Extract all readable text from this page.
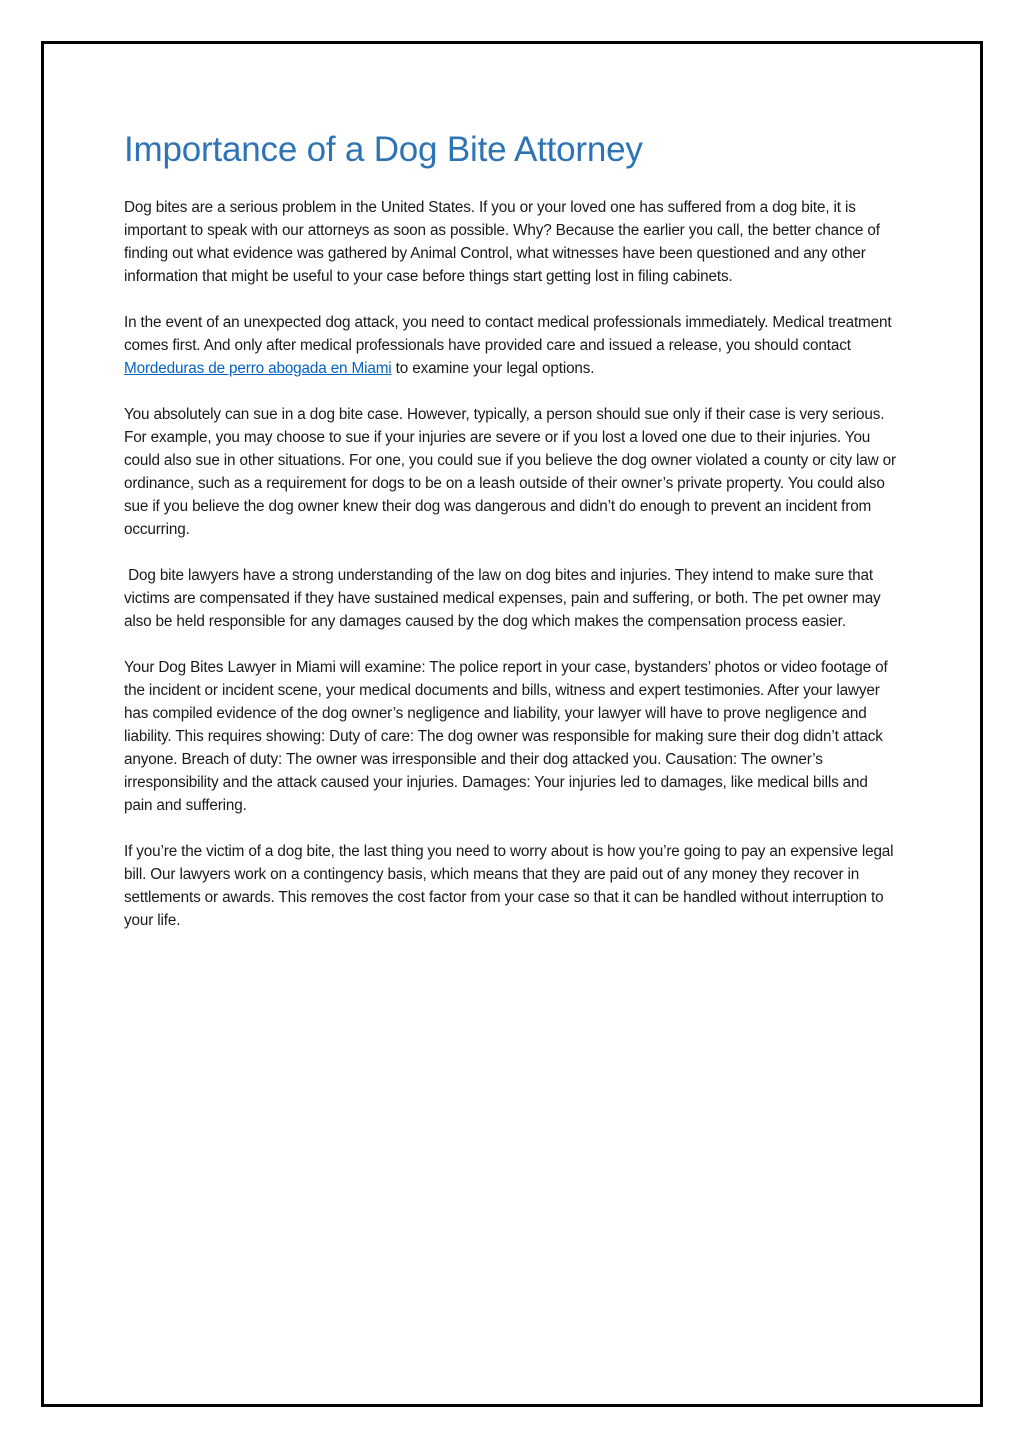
Importance of a Dog Bite Attorney

Dog bites are a serious problem in the United States. If you or your loved one has suffered from a dog bite, it is important to speak with our attorneys as soon as possible. Why? Because the earlier you call, the better chance of finding out what evidence was gathered by Animal Control, what witnesses have been questioned and any other information that might be useful to your case before things start getting lost in filing cabinets.

In the event of an unexpected dog attack, you need to contact medical professionals immediately. Medical treatment comes first. And only after medical professionals have provided care and issued a release, you should contact Mordeduras de perro abogada en Miami to examine your legal options.

You absolutely can sue in a dog bite case. However, typically, a person should sue only if their case is very serious. For example, you may choose to sue if your injuries are severe or if you lost a loved one due to their injuries. You could also sue in other situations. For one, you could sue if you believe the dog owner violated a county or city law or ordinance, such as a requirement for dogs to be on a leash outside of their owner’s private property. You could also sue if you believe the dog owner knew their dog was dangerous and didn’t do enough to prevent an incident from occurring.

Dog bite lawyers have a strong understanding of the law on dog bites and injuries. They intend to make sure that victims are compensated if they have sustained medical expenses, pain and suffering, or both. The pet owner may also be held responsible for any damages caused by the dog which makes the compensation process easier.

Your Dog Bites Lawyer in Miami will examine: The police report in your case, bystanders’ photos or video footage of the incident or incident scene, your medical documents and bills, witness and expert testimonies. After your lawyer has compiled evidence of the dog owner’s negligence and liability, your lawyer will have to prove negligence and liability. This requires showing: Duty of care: The dog owner was responsible for making sure their dog didn’t attack anyone. Breach of duty: The owner was irresponsible and their dog attacked you. Causation: The owner’s irresponsibility and the attack caused your injuries. Damages: Your injuries led to damages, like medical bills and pain and suffering.

If you’re the victim of a dog bite, the last thing you need to worry about is how you’re going to pay an expensive legal bill. Our lawyers work on a contingency basis, which means that they are paid out of any money they recover in settlements or awards. This removes the cost factor from your case so that it can be handled without interruption to your life.
